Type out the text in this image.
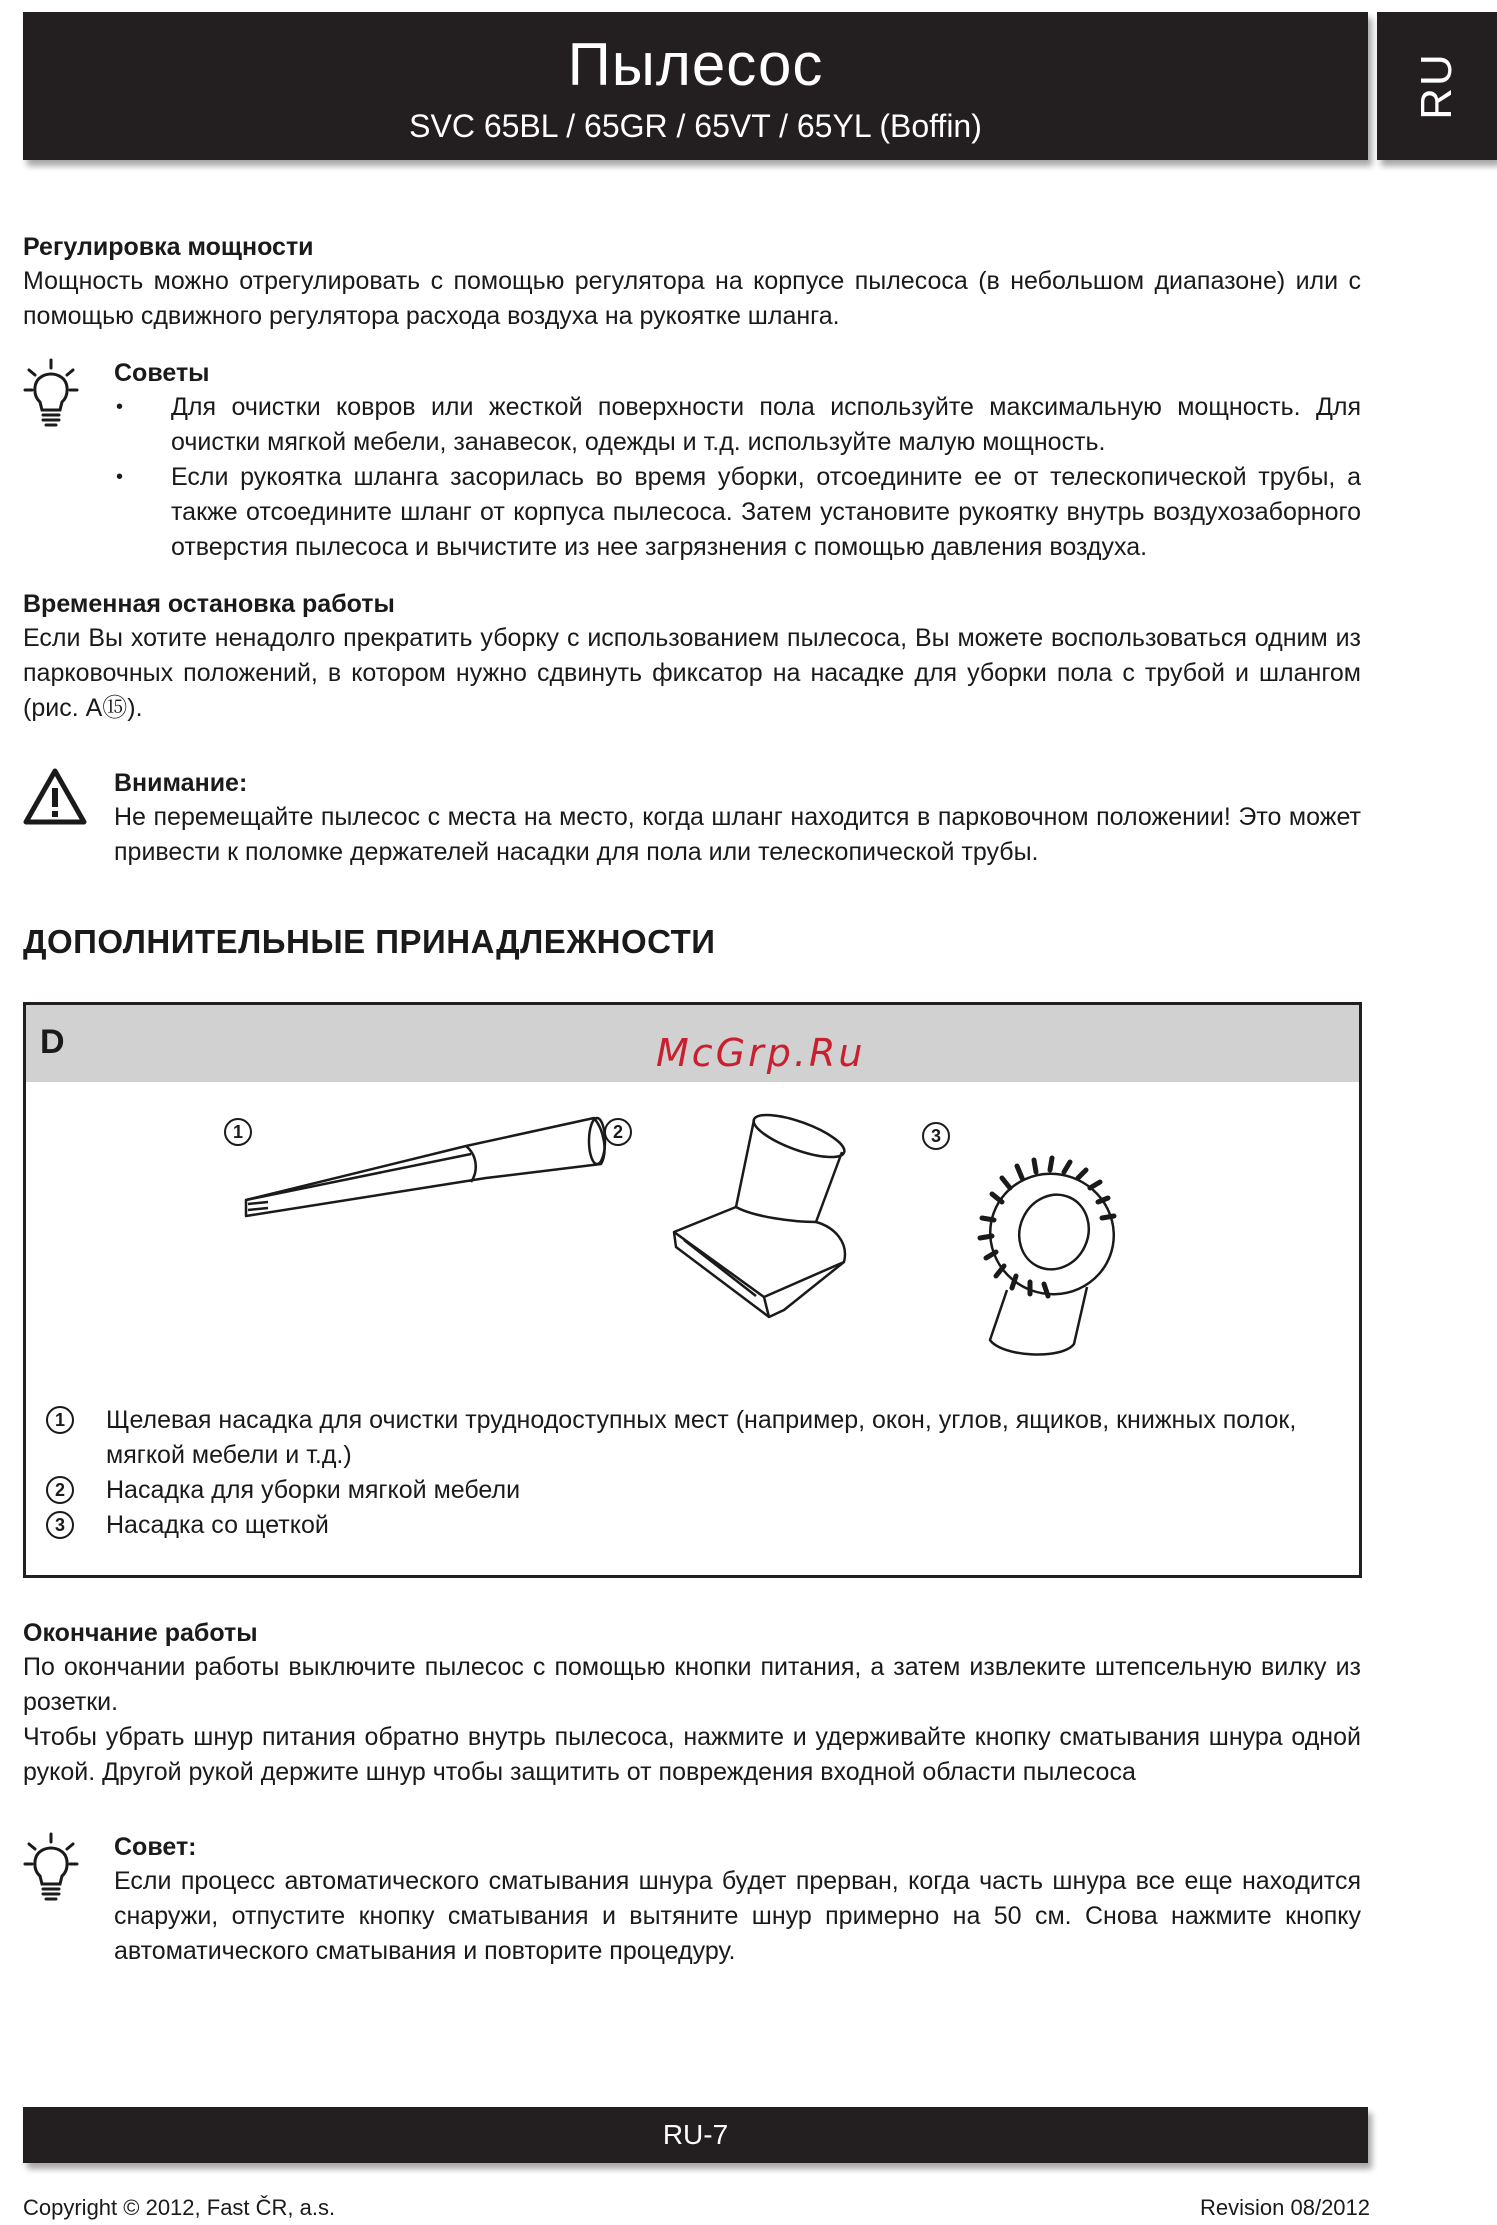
Пылесос
SVC 65BL / 65GR / 65VT / 65YL (Boffin)
RU

Регулировка мощности

Мощность можно отрегулировать с помощью регулятора на корпусе пылесоса (в небольшом диапазоне) или с помощью сдвижного регулятора расхода воздуха на рукоятке шланга.

Советы

• Для очистки ковров или жесткой поверхности пола используйте максимальную мощность. Для очистки мягкой мебели, занавесок, одежды и т.д. используйте малую мощность.
• Если рукоятка шланга засорилась во время уборки, отсоедините ее от телескопической трубы, а также отсоедините шланг от корпуса пылесоса. Затем установите рукоятку внутрь воздухозаборного отверстия пылесоса и вычистите из нее загрязнения с помощью давления воздуха.

Временная остановка работы

Если Вы хотите ненадолго прекратить уборку с использованием пылесоса, Вы можете воспользоваться одним из парковочных положений, в котором нужно сдвинуть фиксатор на насадке для уборки пола с трубой и шлангом (рис. A⑮).

Внимание:

Не перемещайте пылесос с места на место, когда шланг находится в парковочном положении! Это может привести к поломке держателей насадки для пола или телескопической трубы.

ДОПОЛНИТЕЛЬНЫЕ ПРИНАДЛЕЖНОСТИ
D	McGrp.Ru
1	2	3
1	Щелевая насадка для очистки труднодоступных мест (например, окон, углов, ящиков, книжных полок, мягкой мебели и т.д.)
2	Насадка для уборки мягкой мебели
3	Насадка со щеткой

Окончание работы

По окончании работы выключите пылесос с помощью кнопки питания, а затем извлеките штепсельную вилку из розетки.

Чтобы убрать шнур питания обратно внутрь пылесоса, нажмите и удерживайте кнопку сматывания шнура одной рукой. Другой рукой держите шнур чтобы защитить от повреждения входной области пылесоса

Совет:

Если процесс автоматического сматывания шнура будет прерван, когда часть шнура все еще находится снаружи, отпустите кнопку сматывания и вытяните шнур примерно на 50 см. Снова нажмите кнопку автоматического сматывания и повторите процедуру.

RU-7
Copyright © 2012, Fast ČR, a.s.	Revision 08/2012
